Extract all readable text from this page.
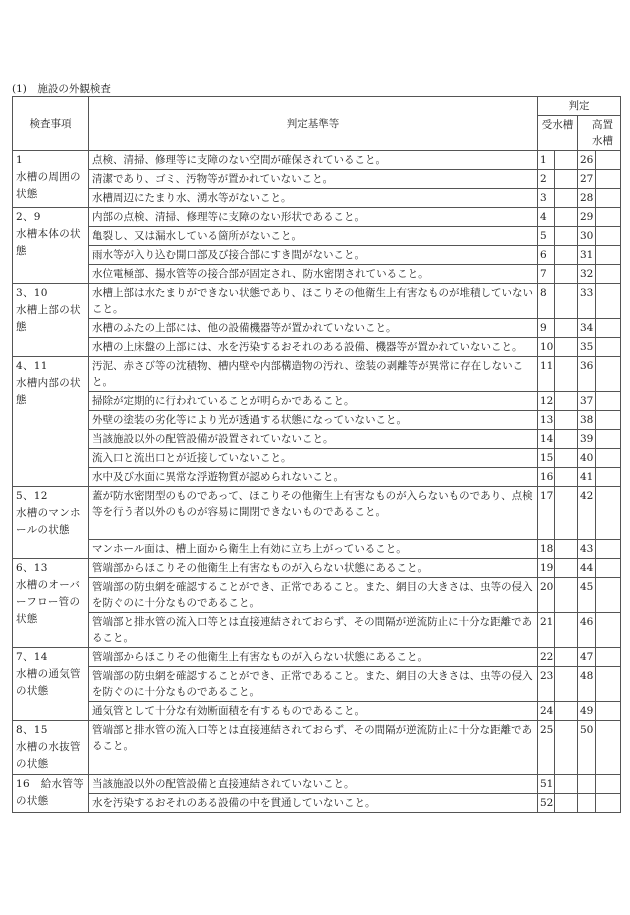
(1)　施設の外観検査
検査事項	判定基準等	判定			
		受水槽		高置水槽	
1
水槽の周囲の状態	点検、清掃、修理等に支障のない空間が確保されていること。	1		26	
	清潔であり、ゴミ、汚物等が置かれていないこと。	2		27	
	水槽周辺にたまり水、湧水等がないこと。	3		28	
2、9
水槽本体の状態	内部の点検、清掃、修理等に支障のない形状であること。	4		29	
	亀裂し、又は漏水している箇所がないこと。	5		30	
	雨水等が入り込む開口部及び接合部にすき間がないこと。	6		31	
	水位電極部、揚水管等の接合部が固定され、防水密閉されていること。	7		32	
3、10
水槽上部の状態	水槽上部は水たまりができない状態であり、ほこりその他衛生上有害なものが堆積していないこと。	8		33	
	水槽のふたの上部には、他の設備機器等が置かれていないこと。	9		34	
	水槽の上床盤の上部には、水を汚染するおそれのある設備、機器等が置かれていないこと。	10		35	
4、11
水槽内部の状態	汚泥、赤さび等の沈積物、槽内壁や内部構造物の汚れ、塗装の剥離等が異常に存在しないこと。	11		36	
	掃除が定期的に行われていることが明らかであること。	12		37	
	外壁の塗装の劣化等により光が透過する状態になっていないこと。	13		38	
	当該施設以外の配管設備が設置されていないこと。	14		39	
	流入口と流出口とが近接していないこと。	15		40	
	水中及び水面に異常な浮遊物質が認められないこと。	16		41	
5、12
水槽のマンホールの状態	蓋が防水密閉型のものであって、ほこりその他衛生上有害なものが入らないものであり、点検等を行う者以外のものが容易に開閉できないものであること。	17		42	
	マンホール面は、槽上面から衛生上有効に立ち上がっていること。	18		43	
6、13
水槽のオーバーフロー管の状態	管端部からほこりその他衛生上有害なものが入らない状態にあること。	19		44	
	管端部の防虫網を確認することができ、正常であること。また、網目の大きさは、虫等の侵入を防ぐのに十分なものであること。	20		45	
	管端部と排水管の流入口等とは直接連結されておらず、その間隔が逆流防止に十分な距離であること。	21		46	
7、14
水槽の通気管の状態	管端部からほこりその他衛生上有害なものが入らない状態にあること。	22		47	
	管端部の防虫網を確認することができ、正常であること。また、網目の大きさは、虫等の侵入を防ぐのに十分なものであること。	23		48	
	通気管として十分な有効断面積を有するものであること。	24		49	
8、15
水槽の水抜管の状態	管端部と排水管の流入口等とは直接連結されておらず、その間隔が逆流防止に十分な距離であること。	25		50	
16　給水管等の状態	当該施設以外の配管設備と直接連結されていないこと。	51			
	水を汚染するおそれのある設備の中を貫通していないこと。	52			
